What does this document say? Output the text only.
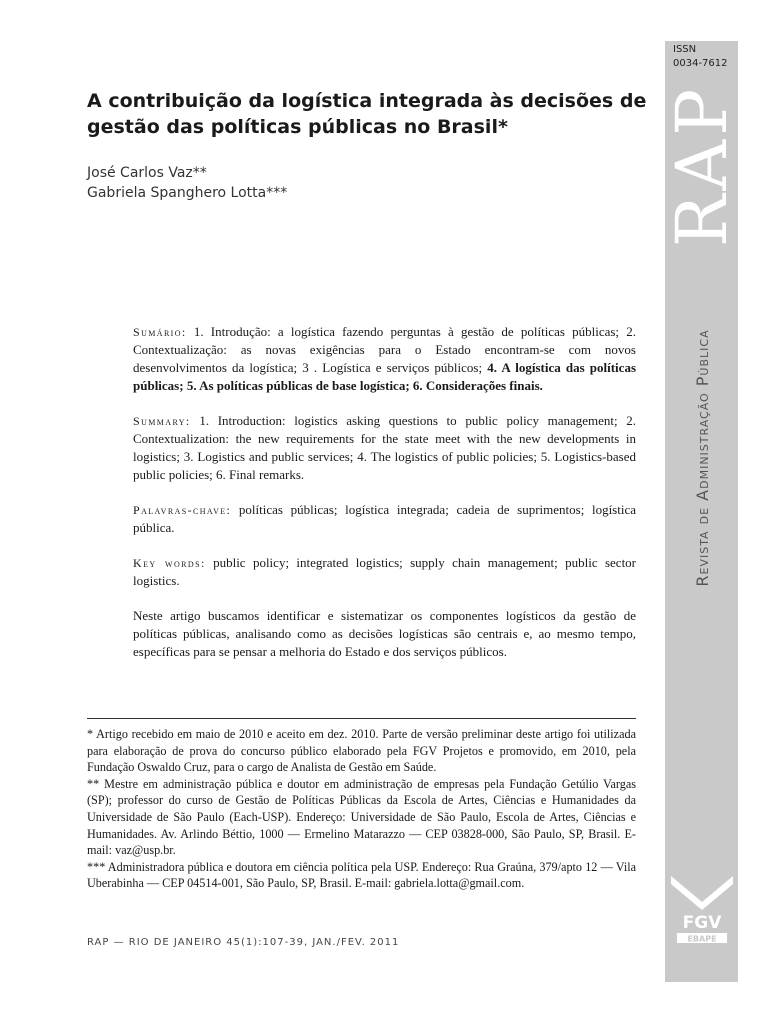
ISSN
0034-7612
RAP
Revista de Administração Pública
FGV
EBAPE
A contribuição da logística integrada às decisões de gestão das políticas públicas no Brasil*
José Carlos Vaz**
Gabriela Spanghero Lotta***

Sumário: 1. Introdução: a logística fazendo perguntas à gestão de políticas públicas; 2. Contextualização: as novas exigências para o Estado encontram-se com novos desenvolvimentos da logística; 3 . Logística e serviços públicos; 4. A logística das políticas públicas; 5. As políticas públicas de base logística; 6. Considerações finais.

Summary: 1. Introduction: logistics asking questions to public policy management; 2. Contextualization: the new requirements for the state meet with the new developments in logistics; 3. Logistics and public services; 4. The logistics of public policies; 5. Logistics-based public policies; 6. Final remarks.

Palavras-chave: políticas públicas; logística integrada; cadeia de suprimentos; logística pública.

Key words: public policy; integrated logistics; supply chain management; public sector logistics.

Neste artigo buscamos identificar e sistematizar os componentes logísticos da gestão de políticas públicas, analisando como as decisões logísticas são centrais e, ao mesmo tempo, específicas para se pensar a melhoria do Estado e dos serviços públicos.

* Artigo recebido em maio de 2010 e aceito em dez. 2010. Parte de versão preliminar deste artigo foi utilizada para elaboração de prova do concurso público elaborado pela FGV Projetos e promovido, em 2010, pela Fundação Oswaldo Cruz, para o cargo de Analista de Gestão em Saúde.

** Mestre em administração pública e doutor em administração de empresas pela Fundação Getúlio Vargas (SP); professor do curso de Gestão de Políticas Públicas da Escola de Artes, Ciências e Humanidades da Universidade de São Paulo (Each-USP). Endereço: Universidade de São Paulo, Escola de Artes, Ciências e Humanidades. Av. Arlindo Béttio, 1000 — Ermelino Matarazzo — CEP 03828-000, São Paulo, SP, Brasil. E-mail: vaz@usp.br.

*** Administradora pública e doutora em ciência política pela USP. Endereço: Rua Graúna, 379/apto 12 — Vila Uberabinha — CEP 04514-001, São Paulo, SP, Brasil. E-mail: gabriela.lotta@gmail.com.

RAP — RIO DE JANEIRO 45(1):107-39, JAN./FEV. 2011
